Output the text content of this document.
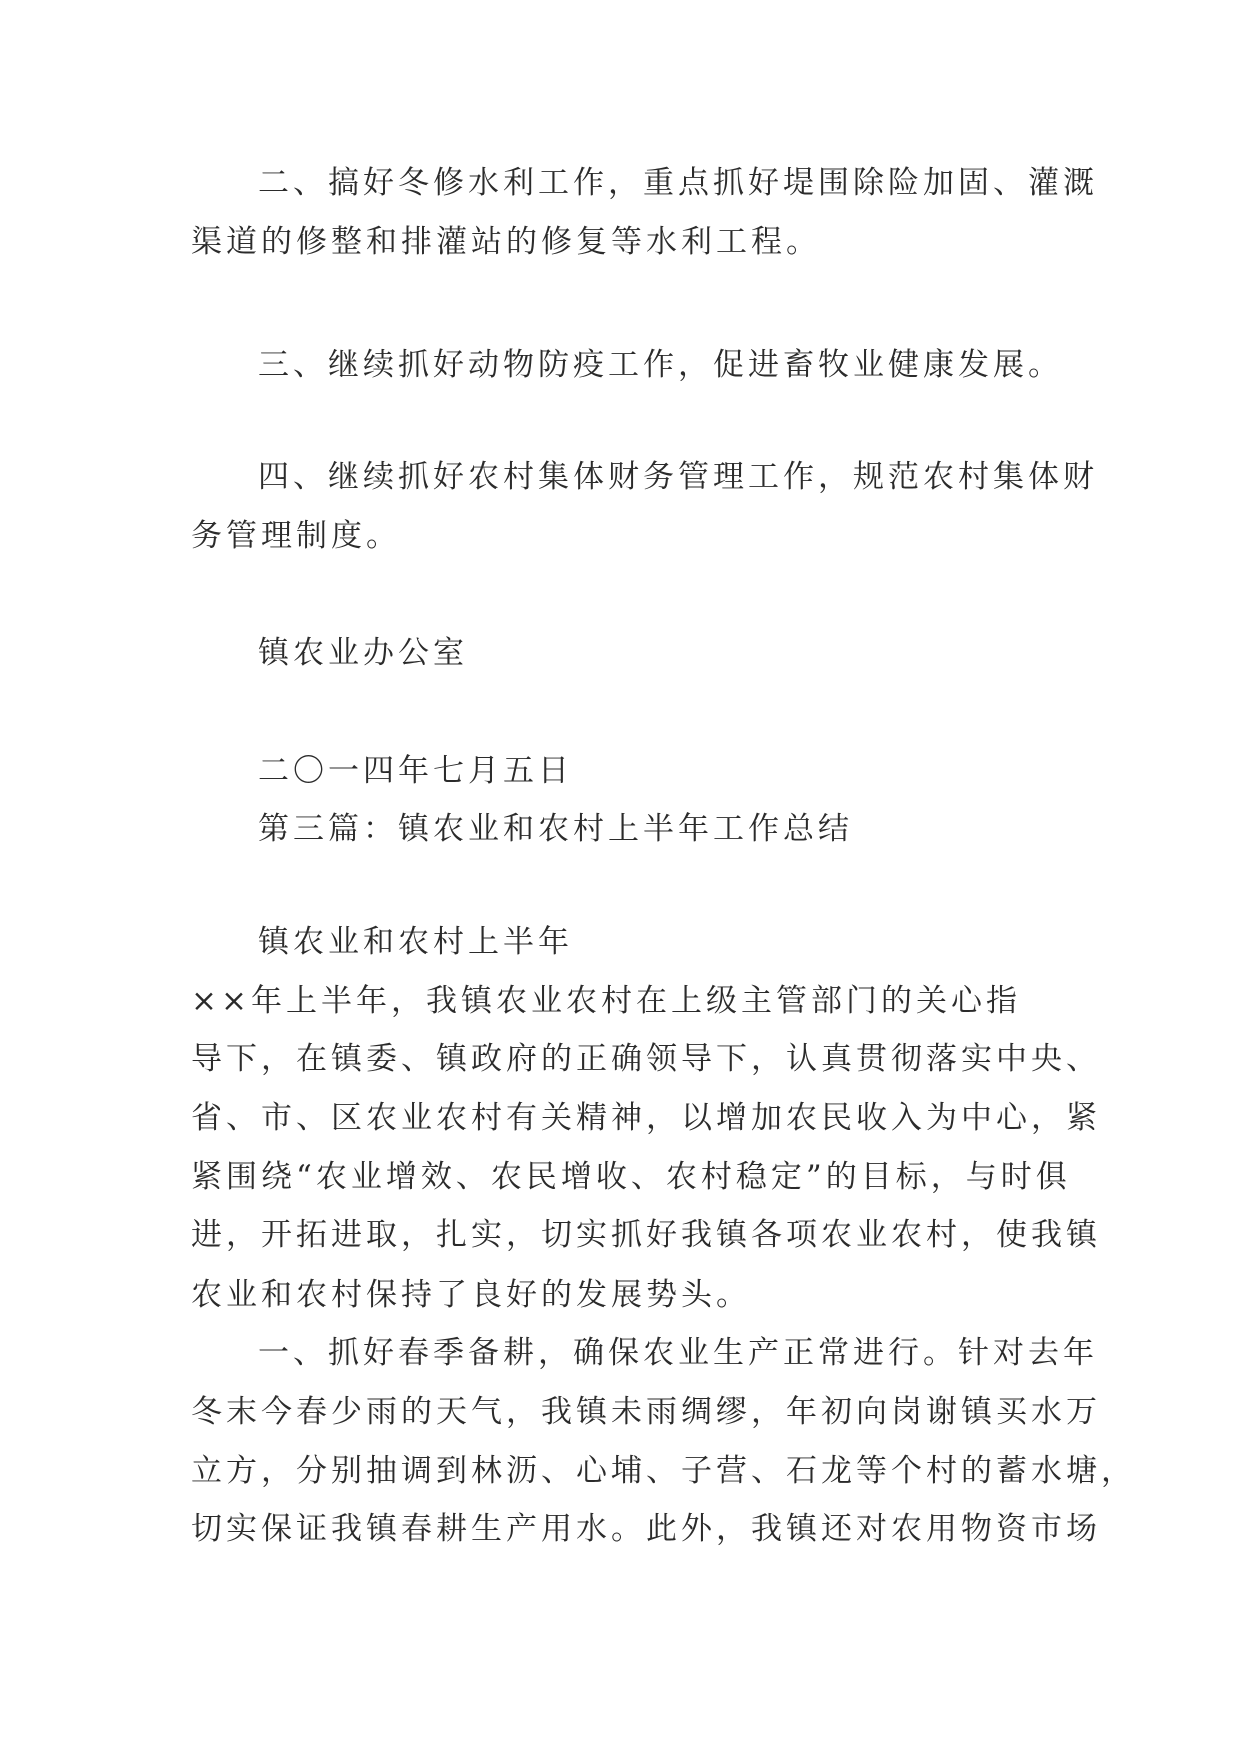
二、搞好冬修水利工作，重点抓好堤围除险加固、灌溉
渠道的修整和排灌站的修复等水利工程。
三、继续抓好动物防疫工作，促进畜牧业健康发展。
四、继续抓好农村集体财务管理工作，规范农村集体财
务管理制度。
镇农业办公室
二〇一四年七月五日
第三篇：镇农业和农村上半年工作总结
镇农业和农村上半年
××年上半年，我镇农业农村在上级主管部门的关心指
导下，在镇委、镇政府的正确领导下，认真贯彻落实中央、
省、市、区农业农村有关精神，以增加农民收入为中心，紧
紧围绕“农业增效、农民增收、农村稳定”的目标，与时俱
进，开拓进取，扎实，切实抓好我镇各项农业农村，使我镇
农业和农村保持了良好的发展势头。
一、抓好春季备耕，确保农业生产正常进行。针对去年
冬末今春少雨的天气，我镇未雨绸缪，年初向岗谢镇买水万
立方，分别抽调到林沥、心埔、子营、石龙等个村的蓄水塘，
切实保证我镇春耕生产用水。此外，我镇还对农用物资市场
